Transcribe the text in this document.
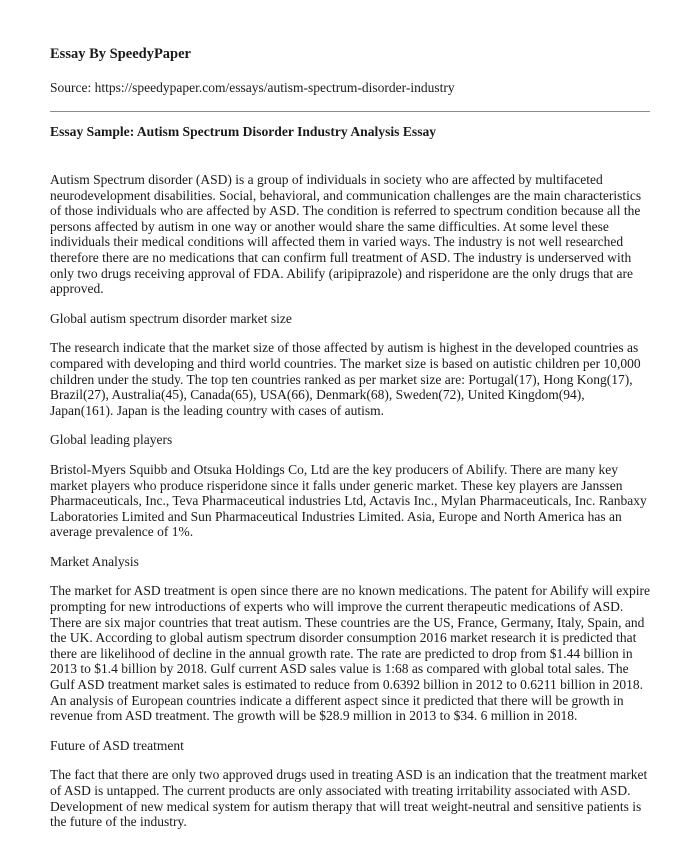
Essay By SpeedyPaper
Source: https://speedypaper.com/essays/autism-spectrum-disorder-industry
Essay Sample: Autism Spectrum Disorder Industry Analysis Essay

Autism Spectrum disorder (ASD) is a group of individuals in society who are affected by multifaceted neurodevelopment disabilities. Social, behavioral, and communication challenges are the main characteristics of those individuals who are affected by ASD. The condition is referred to spectrum condition because all the persons affected by autism in one way or another would share the same difficulties. At some level these individuals their medical conditions will affected them in varied ways. The industry is not well researched therefore there are no medications that can confirm full treatment of ASD. The industry is underserved with only two drugs receiving approval of FDA. Abilify (aripiprazole) and risperidone are the only drugs that are approved.

Global autism spectrum disorder market size

The research indicate that the market size of those affected by autism is highest in the developed countries as compared with developing and third world countries. The market size is based on autistic children per 10,000 children under the study. The top ten countries ranked as per market size are: Portugal(17), Hong Kong(17), Brazil(27), Australia(45), Canada(65), USA(66), Denmark(68), Sweden(72), United Kingdom(94), Japan(161). Japan is the leading country with cases of autism.

Global leading players

Bristol-Myers Squibb and Otsuka Holdings Co, Ltd are the key producers of Abilify. There are many key market players who produce risperidone since it falls under generic market. These key players are Janssen Pharmaceuticals, Inc., Teva Pharmaceutical industries Ltd, Actavis Inc., Mylan Pharmaceuticals, Inc. Ranbaxy Laboratories Limited and Sun Pharmaceutical Industries Limited. Asia, Europe and North America has an average prevalence of 1%.

Market Analysis

The market for ASD treatment is open since there are no known medications. The patent for Abilify will expire prompting for new introductions of experts who will improve the current therapeutic medications of ASD. There are six major countries that treat autism. These countries are the US, France, Germany, Italy, Spain, and the UK. According to global autism spectrum disorder consumption 2016 market research it is predicted that there are likelihood of decline in the annual growth rate. The rate are predicted to drop from $1.44 billion in 2013 to $1.4 billion by 2018. Gulf current ASD sales value is 1:68 as compared with global total sales. The Gulf ASD treatment market sales is estimated to reduce from 0.6392 billion in 2012 to 0.6211 billion in 2018. An analysis of European countries indicate a different aspect since it predicted that there will be growth in revenue from ASD treatment. The growth will be $28.9 million in 2013 to $34. 6 million in 2018.

Future of ASD treatment

The fact that there are only two approved drugs used in treating ASD is an indication that the treatment market of ASD is untapped. The current products are only associated with treating irritability associated with ASD. Development of new medical system for autism therapy that will treat weight-neutral and sensitive patients is the future of the industry.
